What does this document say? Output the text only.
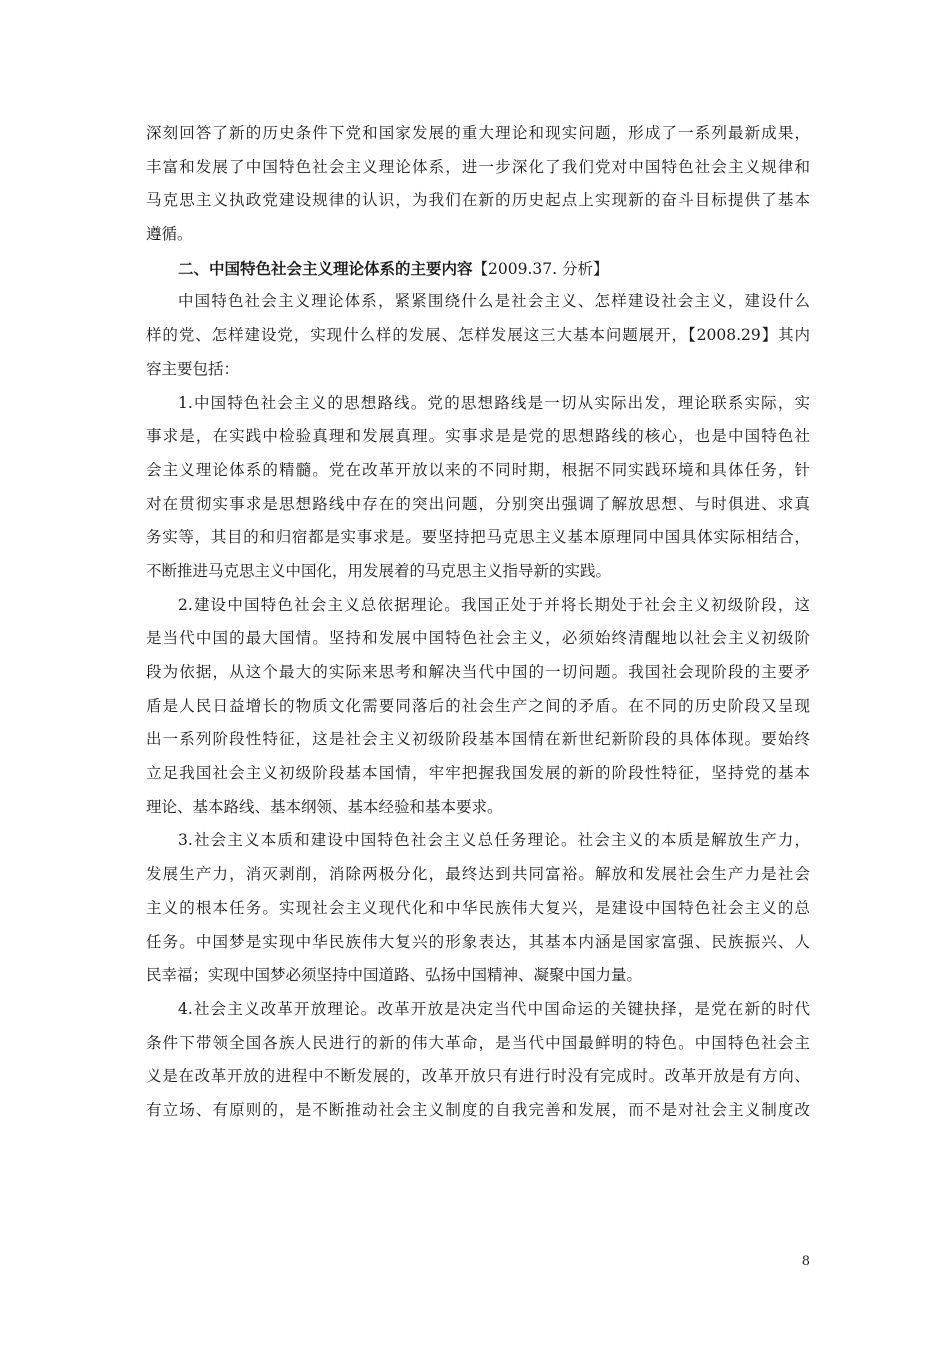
深刻回答了新的历史条件下党和国家发展的重大理论和现实问题，形成了一系列最新成果，
丰富和发展了中国特色社会主义理论体系，进一步深化了我们党对中国特色社会主义规律和
马克思主义执政党建设规律的认识，为我们在新的历史起点上实现新的奋斗目标提供了基本
遵循。
二、中国特色社会主义理论体系的主要内容【2009.37. 分析】
中国特色社会主义理论体系，紧紧围绕什么是社会主义、怎样建设社会主义，建设什么
样的党、怎样建设党，实现什么样的发展、怎样发展这三大基本问题展开，【2008.29】其内
容主要包括：
1.中国特色社会主义的思想路线。党的思想路线是一切从实际出发，理论联系实际，实
事求是，在实践中检验真理和发展真理。实事求是是党的思想路线的核心，也是中国特色社
会主义理论体系的精髓。党在改革开放以来的不同时期，根据不同实践环境和具体任务，针
对在贯彻实事求是思想路线中存在的突出问题，分别突出强调了解放思想、与时俱进、求真
务实等，其目的和归宿都是实事求是。要坚持把马克思主义基本原理同中国具体实际相结合，
不断推进马克思主义中国化，用发展着的马克思主义指导新的实践。
2.建设中国特色社会主义总依据理论。我国正处于并将长期处于社会主义初级阶段，这
是当代中国的最大国情。坚持和发展中国特色社会主义，必须始终清醒地以社会主义初级阶
段为依据，从这个最大的实际来思考和解决当代中国的一切问题。我国社会现阶段的主要矛
盾是人民日益增长的物质文化需要同落后的社会生产之间的矛盾。在不同的历史阶段又呈现
出一系列阶段性特征，这是社会主义初级阶段基本国情在新世纪新阶段的具体体现。要始终
立足我国社会主义初级阶段基本国情，牢牢把握我国发展的新的阶段性特征，坚持党的基本
理论、基本路线、基本纲领、基本经验和基本要求。
3.社会主义本质和建设中国特色社会主义总任务理论。社会主义的本质是解放生产力，
发展生产力，消灭剥削，消除两极分化，最终达到共同富裕。解放和发展社会生产力是社会
主义的根本任务。实现社会主义现代化和中华民族伟大复兴，是建设中国特色社会主义的总
任务。中国梦是实现中华民族伟大复兴的形象表达，其基本内涵是国家富强、民族振兴、人
民幸福；实现中国梦必须坚持中国道路、弘扬中国精神、凝聚中国力量。
4.社会主义改革开放理论。改革开放是决定当代中国命运的关键抉择，是党在新的时代
条件下带领全国各族人民进行的新的伟大革命，是当代中国最鲜明的特色。中国特色社会主
义是在改革开放的进程中不断发展的，改革开放只有进行时没有完成时。改革开放是有方向、
有立场、有原则的，是不断推动社会主义制度的自我完善和发展，而不是对社会主义制度改
8
